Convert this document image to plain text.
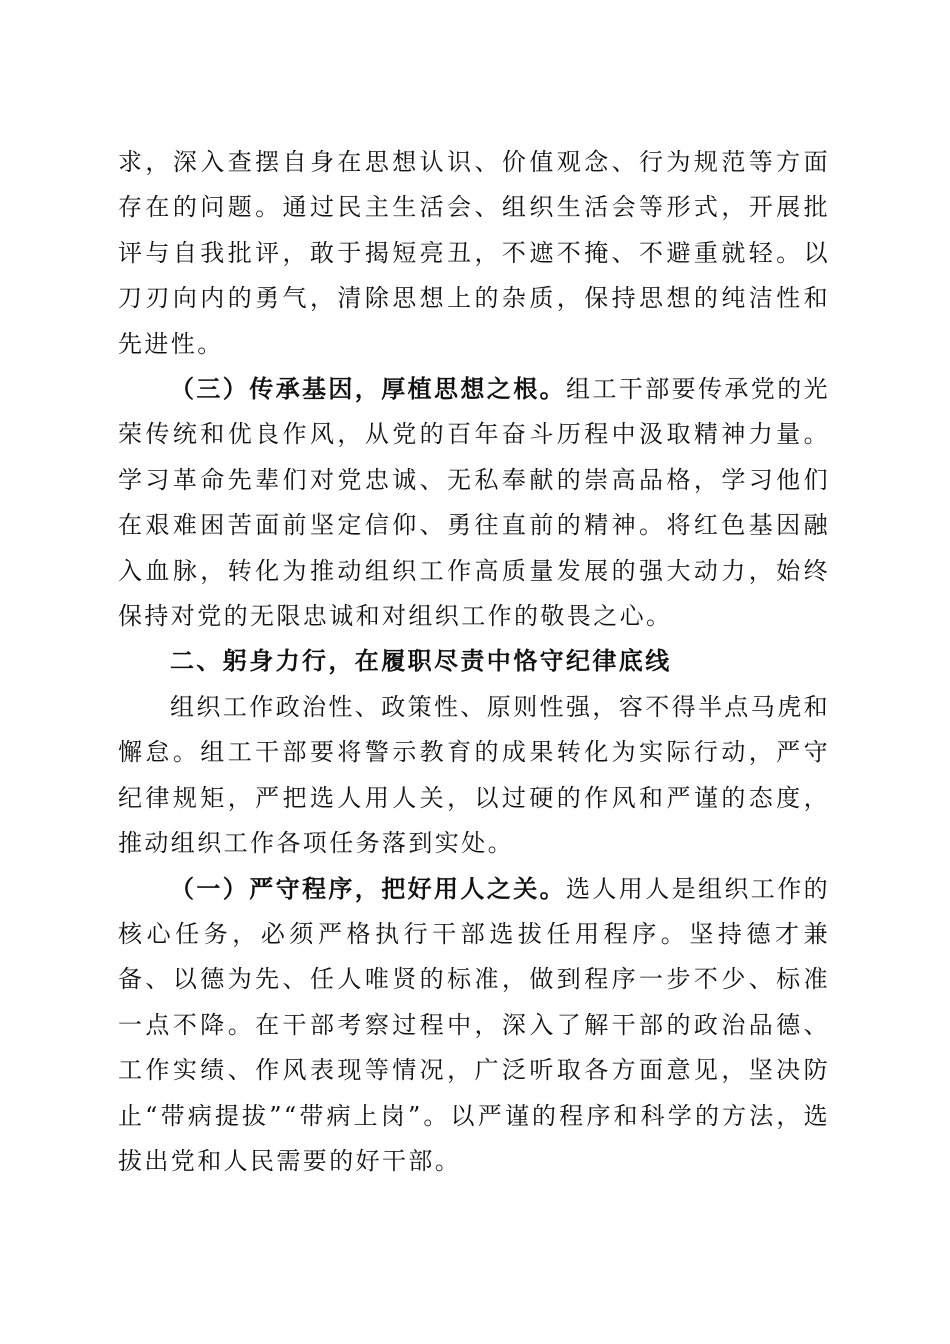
求，深入查摆自身在思想认识、价值观念、行为规范等方面存在的问题。通过民主生活会、组织生活会等形式，开展批评与自我批评，敢于揭短亮丑，不遮不掩、不避重就轻。以刀刃向内的勇气，清除思想上的杂质，保持思想的纯洁性和先进性。

（三）传承基因，厚植思想之根。组工干部要传承党的光荣传统和优良作风，从党的百年奋斗历程中汲取精神力量。学习革命先辈们对党忠诚、无私奉献的崇高品格，学习他们在艰难困苦面前坚定信仰、勇往直前的精神。将红色基因融入血脉，转化为推动组织工作高质量发展的强大动力，始终保持对党的无限忠诚和对组织工作的敬畏之心。

二、躬身力行，在履职尽责中恪守纪律底线

组织工作政治性、政策性、原则性强，容不得半点马虎和懈怠。组工干部要将警示教育的成果转化为实际行动，严守纪律规矩，严把选人用人关，以过硬的作风和严谨的态度，推动组织工作各项任务落到实处。

（一）严守程序，把好用人之关。选人用人是组织工作的核心任务，必须严格执行干部选拔任用程序。坚持德才兼备、以德为先、任人唯贤的标准，做到程序一步不少、标准一点不降。在干部考察过程中，深入了解干部的政治品德、工作实绩、作风表现等情况，广泛听取各方面意见，坚决防止“带病提拔”“带病上岗”。以严谨的程序和科学的方法，选拔出党和人民需要的好干部。
